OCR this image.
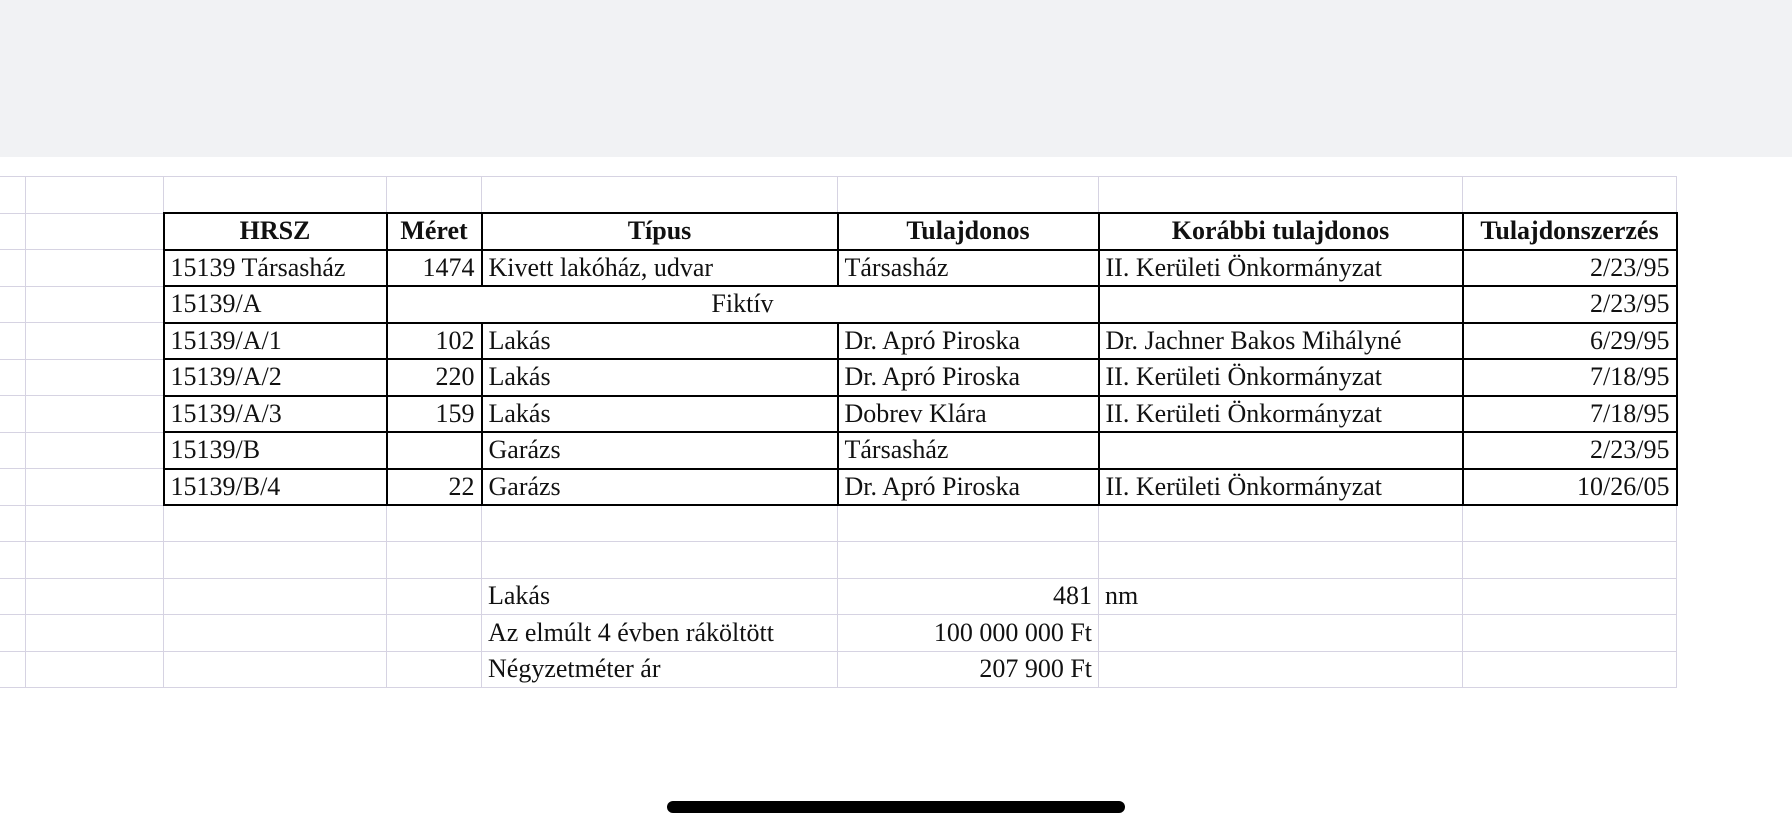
		HRSZ	Méret	Típus	Tulajdonos	Korábbi tulajdonos	Tulajdonszerzés
		15139 Társasház	1474	Kivett lakóház, udvar	Társasház	II. Kerületi Önkormányzat	2/23/95
		15139/A	Fiktív				2/23/95
		15139/A/1	102	Lakás	Dr. Apró Piroska	Dr. Jachner Bakos Mihályné	6/29/95
		15139/A/2	220	Lakás	Dr. Apró Piroska	II. Kerületi Önkormányzat	7/18/95
		15139/A/3	159	Lakás	Dobrev Klára	II. Kerületi Önkormányzat	7/18/95
		15139/B		Garázs	Társasház		2/23/95
		15139/B/4	22	Garázs	Dr. Apró Piroska	II. Kerületi Önkormányzat	10/26/05

				Lakás	481	nm	
				Az elmúlt 4 évben ráköltött	100 000 000 Ft		
				Négyzetméter ár	207 900 Ft		
